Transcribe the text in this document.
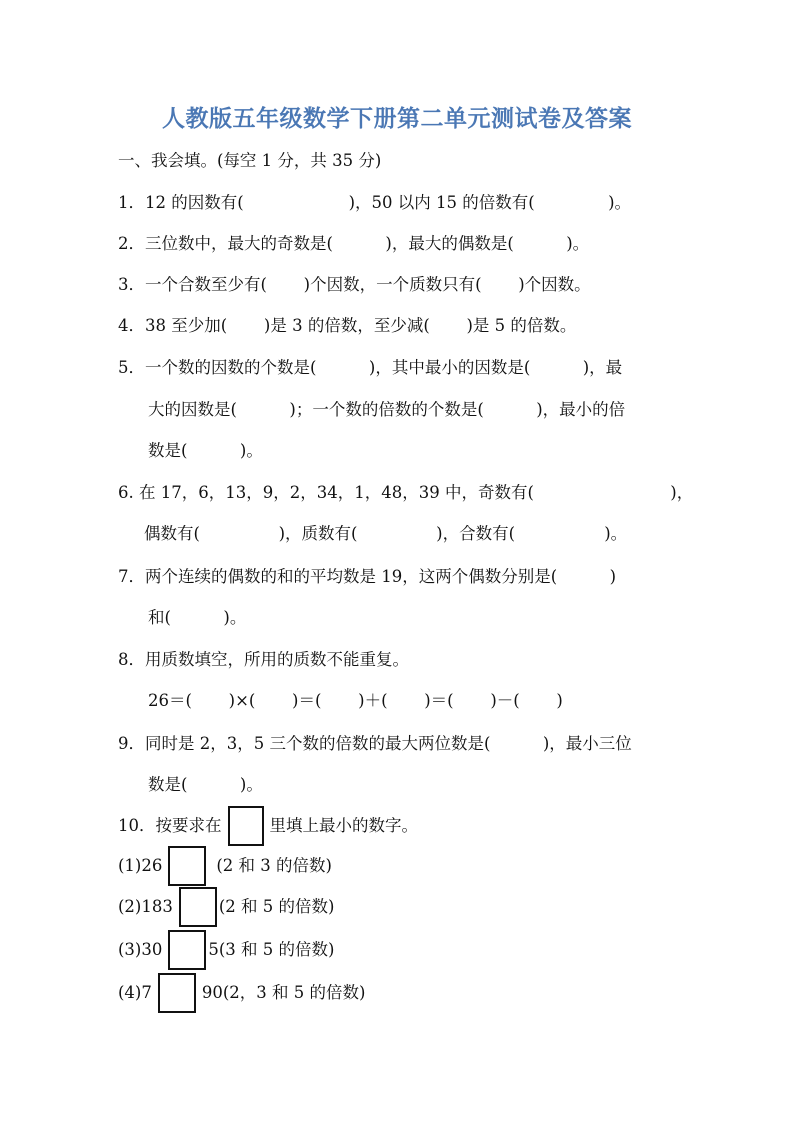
人教版五年级数学下册第二单元测试卷及答案
一、我会填。(每空 1 分，共 35 分)
1．12 的因数有(                    )，50 以内 15 的倍数有(              )。
2．三位数中，最大的奇数是(          )，最大的偶数是(          )。
3．一个合数至少有(       )个因数，一个质数只有(       )个因数。
4．38 至少加(       )是 3 的倍数，至少减(       )是 5 的倍数。
5．一个数的因数的个数是(          )，其中最小的因数是(          )，最
大的因数是(          )；一个数的倍数的个数是(          )，最小的倍
数是(          )。
6. 在 17，6，13，9，2，34，1，48，39 中，奇数有(                          )，
偶数有(               )，质数有(               )，合数有(                 )。
7．两个连续的偶数的和的平均数是 19，这两个偶数分别是(          )
和(          )。
8．用质数填空，所用的质数不能重复。
26＝(       )×(       )＝(       )＋(       )＝(       )－(       )
9．同时是 2，3，5 三个数的倍数的最大两位数是(          )，最小三位
数是(          )。
10．按要求在	里填上最小的数字。
(1)26	(2 和 3 的倍数)
(2)183	(2 和 5 的倍数)
(3)30	5(3 和 5 的倍数)
(4)7	90(2，3 和 5 的倍数)
